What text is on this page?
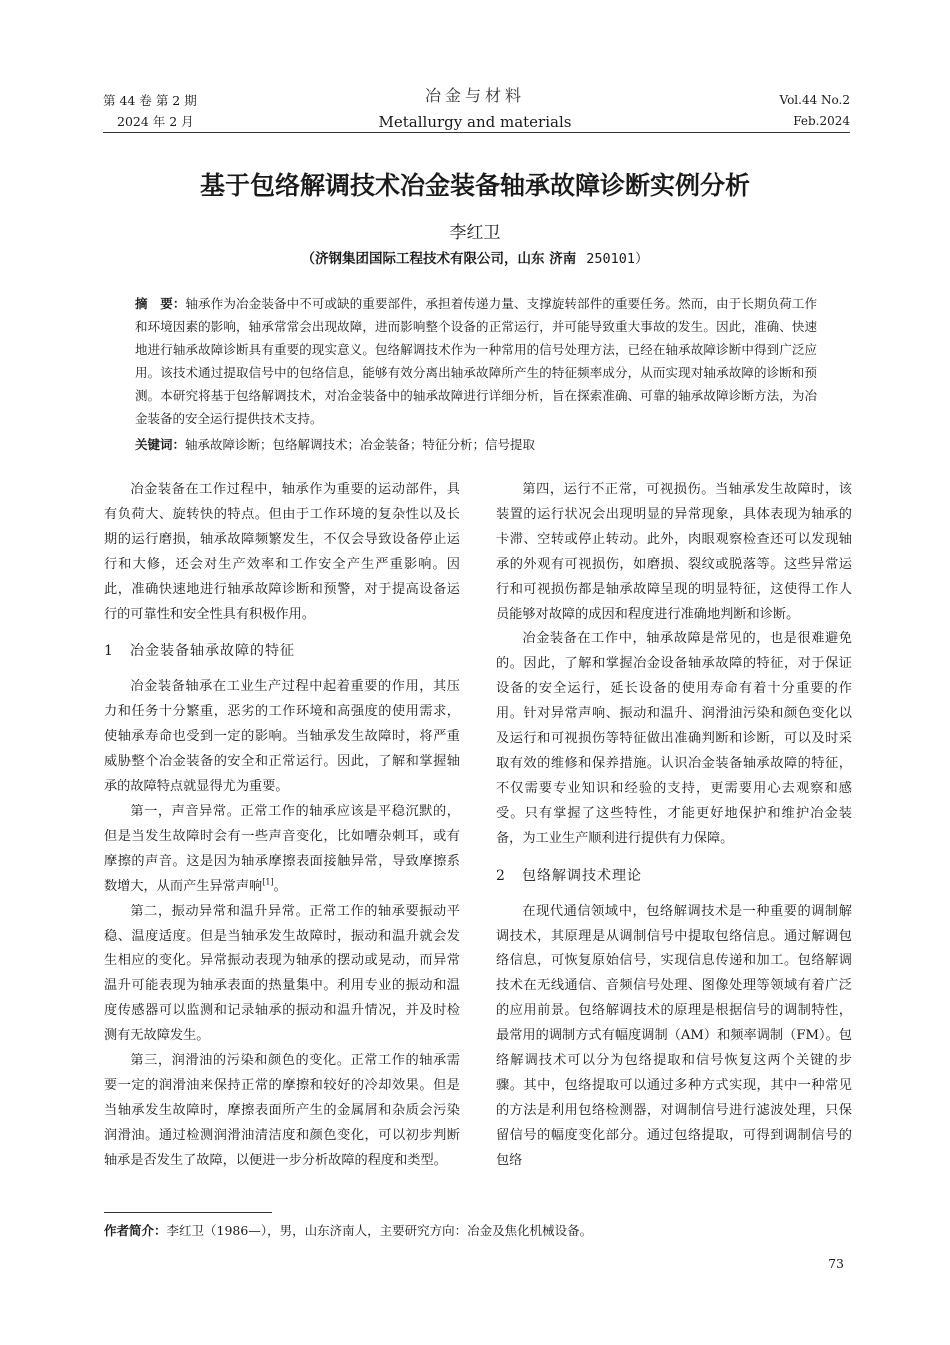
第 44 卷 第 2 期
2024 年 2 月
冶金与材料
Metallurgy and materials
Vol.44 No.2
Feb.2024
基于包络解调技术冶金装备轴承故障诊断实例分析
李红卫
（济钢集团国际工程技术有限公司，山东 济南 250101）
摘　要：轴承作为冶金装备中不可或缺的重要部件，承担着传递力量、支撑旋转部件的重要任务。然而，由于长期负荷工作和环境因素的影响，轴承常常会出现故障，进而影响整个设备的正常运行，并可能导致重大事故的发生。因此，准确、快速地进行轴承故障诊断具有重要的现实意义。包络解调技术作为一种常用的信号处理方法，已经在轴承故障诊断中得到广泛应用。该技术通过提取信号中的包络信息，能够有效分离出轴承故障所产生的特征频率成分，从而实现对轴承故障的诊断和预测。本研究将基于包络解调技术，对冶金装备中的轴承故障进行详细分析，旨在探索准确、可靠的轴承故障诊断方法，为冶金装备的安全运行提供技术支持。
关键词：轴承故障诊断；包络解调技术；冶金装备；特征分析；信号提取

冶金装备在工作过程中，轴承作为重要的运动部件，具有负荷大、旋转快的特点。但由于工作环境的复杂性以及长期的运行磨损，轴承故障频繁发生，不仅会导致设备停止运行和大修，还会对生产效率和工作安全产生严重影响。因此，准确快速地进行轴承故障诊断和预警，对于提高设备运行的可靠性和安全性具有积极作用。

1 冶金装备轴承故障的特征

冶金装备轴承在工业生产过程中起着重要的作用，其压力和任务十分繁重，恶劣的工作环境和高强度的使用需求，使轴承寿命也受到一定的影响。当轴承发生故障时，将严重威胁整个冶金装备的安全和正常运行。因此，了解和掌握轴承的故障特点就显得尤为重要。

第一，声音异常。正常工作的轴承应该是平稳沉默的，但是当发生故障时会有一些声音变化，比如嘈杂刺耳，或有摩擦的声音。这是因为轴承摩擦表面接触异常，导致摩擦系数增大，从而产生异常声响[1]。

第二，振动异常和温升异常。正常工作的轴承要振动平稳、温度适度。但是当轴承发生故障时，振动和温升就会发生相应的变化。异常振动表现为轴承的摆动或晃动，而异常温升可能表现为轴承表面的热量集中。利用专业的振动和温度传感器可以监测和记录轴承的振动和温升情况，并及时检测有无故障发生。

第三，润滑油的污染和颜色的变化。正常工作的轴承需要一定的润滑油来保持正常的摩擦和较好的冷却效果。但是当轴承发生故障时，摩擦表面所产生的金属屑和杂质会污染润滑油。通过检测润滑油清洁度和颜色变化，可以初步判断轴承是否发生了故障，以便进一步分析故障的程度和类型。

第四，运行不正常，可视损伤。当轴承发生故障时，该装置的运行状况会出现明显的异常现象，具体表现为轴承的卡滞、空转或停止转动。此外，肉眼观察检查还可以发现轴承的外观有可视损伤，如磨损、裂纹或脱落等。这些异常运行和可视损伤都是轴承故障呈现的明显特征，这使得工作人员能够对故障的成因和程度进行准确地判断和诊断。

冶金装备在工作中，轴承故障是常见的，也是很难避免的。因此，了解和掌握冶金设备轴承故障的特征，对于保证设备的安全运行，延长设备的使用寿命有着十分重要的作用。针对异常声响、振动和温升、润滑油污染和颜色变化以及运行和可视损伤等特征做出准确判断和诊断，可以及时采取有效的维修和保养措施。认识冶金装备轴承故障的特征，不仅需要专业知识和经验的支持，更需要用心去观察和感受。只有掌握了这些特性，才能更好地保护和维护冶金装备，为工业生产顺利进行提供有力保障。

2 包络解调技术理论

在现代通信领域中，包络解调技术是一种重要的调制解调技术，其原理是从调制信号中提取包络信息。通过解调包络信息，可恢复原始信号，实现信息传递和加工。包络解调技术在无线通信、音频信号处理、图像处理等领域有着广泛的应用前景。包络解调技术的原理是根据信号的调制特性，最常用的调制方式有幅度调制（AM）和频率调制（FM）。包络解调技术可以分为包络提取和信号恢复这两个关键的步骤。其中，包络提取可以通过多种方式实现，其中一种常见的方法是利用包络检测器，对调制信号进行滤波处理，只保留信号的幅度变化部分。通过包络提取，可得到调制信号的包络

作者简介：李红卫（1986—），男，山东济南人，主要研究方向：冶金及焦化机械设备。
73
